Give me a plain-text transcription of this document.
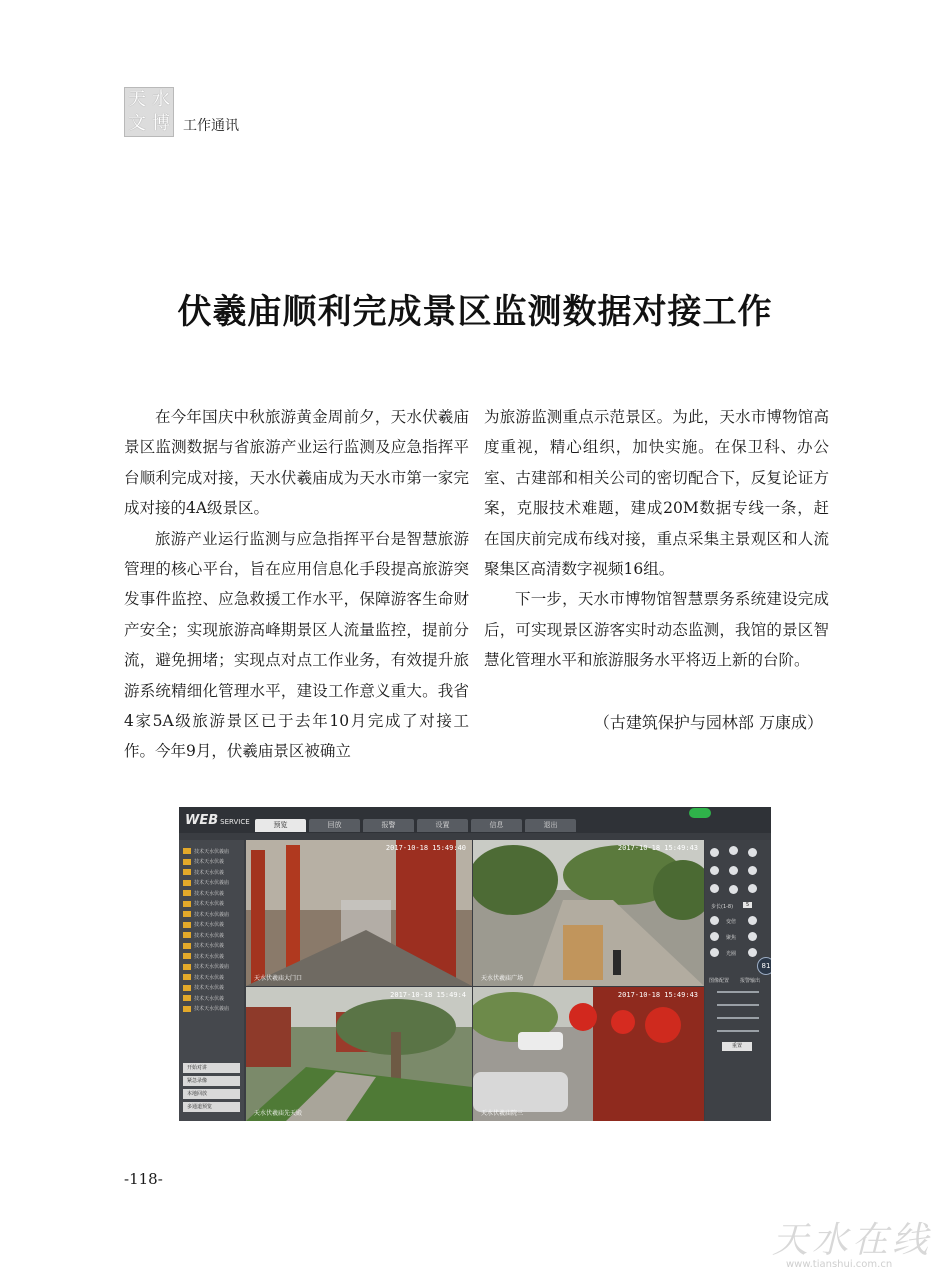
天 水
文 博 工作通讯
伏羲庙顺利完成景区监测数据对接工作

在今年国庆中秋旅游黄金周前夕，天水伏羲庙景区监测数据与省旅游产业运行监测及应急指挥平台顺利完成对接，天水伏羲庙成为天水市第一家完成对接的4A级景区。

旅游产业运行监测与应急指挥平台是智慧旅游管理的核心平台，旨在应用信息化手段提高旅游突发事件监控、应急救援工作水平，保障游客生命财产安全；实现旅游高峰期景区人流量监控，提前分流，避免拥堵；实现点对点工作业务，有效提升旅游系统精细化管理水平，建设工作意义重大。我省4家5A级旅游景区已于去年10月完成了对接工作。今年9月，伏羲庙景区被确立

为旅游监测重点示范景区。为此，天水市博物馆高度重视，精心组织，加快实施。在保卫科、办公室、古建部和相关公司的密切配合下，反复论证方案，克服技术难题，建成20M数据专线一条，赶在国庆前完成布线对接，重点采集主景观区和人流聚集区高清数字视频16组。

下一步，天水市博物馆智慧票务系统建设完成后，可实现景区游客实时动态监测，我馆的景区智慧化管理水平和旅游服务水平将迈上新的台阶。

（古建筑保护与园林部 万康成）
WEB SERVICE	预览	回放	报警	设置	信息	退出
技术天水伏羲庙
技术天水伏羲
技术天水伏羲
技术天水伏羲庙
技术天水伏羲
技术天水伏羲
技术天水伏羲庙
技术天水伏羲
技术天水伏羲
技术天水伏羲
技术天水伏羲
技术天水伏羲庙
技术天水伏羲
技术天水伏羲
技术天水伏羲
技术天水伏羲庙
开始对讲
紧急录像
本地回放
多通道预览
2017-10-18 15:49:40
天水伏羲庙大门口
2017-10-18 15:49:43
天水伏羲庙广场
2017-10-18 15:49:4
天水伏羲庙先天殿
2017-10-18 15:49:43
天水伏羲庙院三
步长(1-8)	5
变倍
聚焦
光圈
81
图像配置 报警输出
重置
-118-
天水在线
www.tianshui.com.cn
